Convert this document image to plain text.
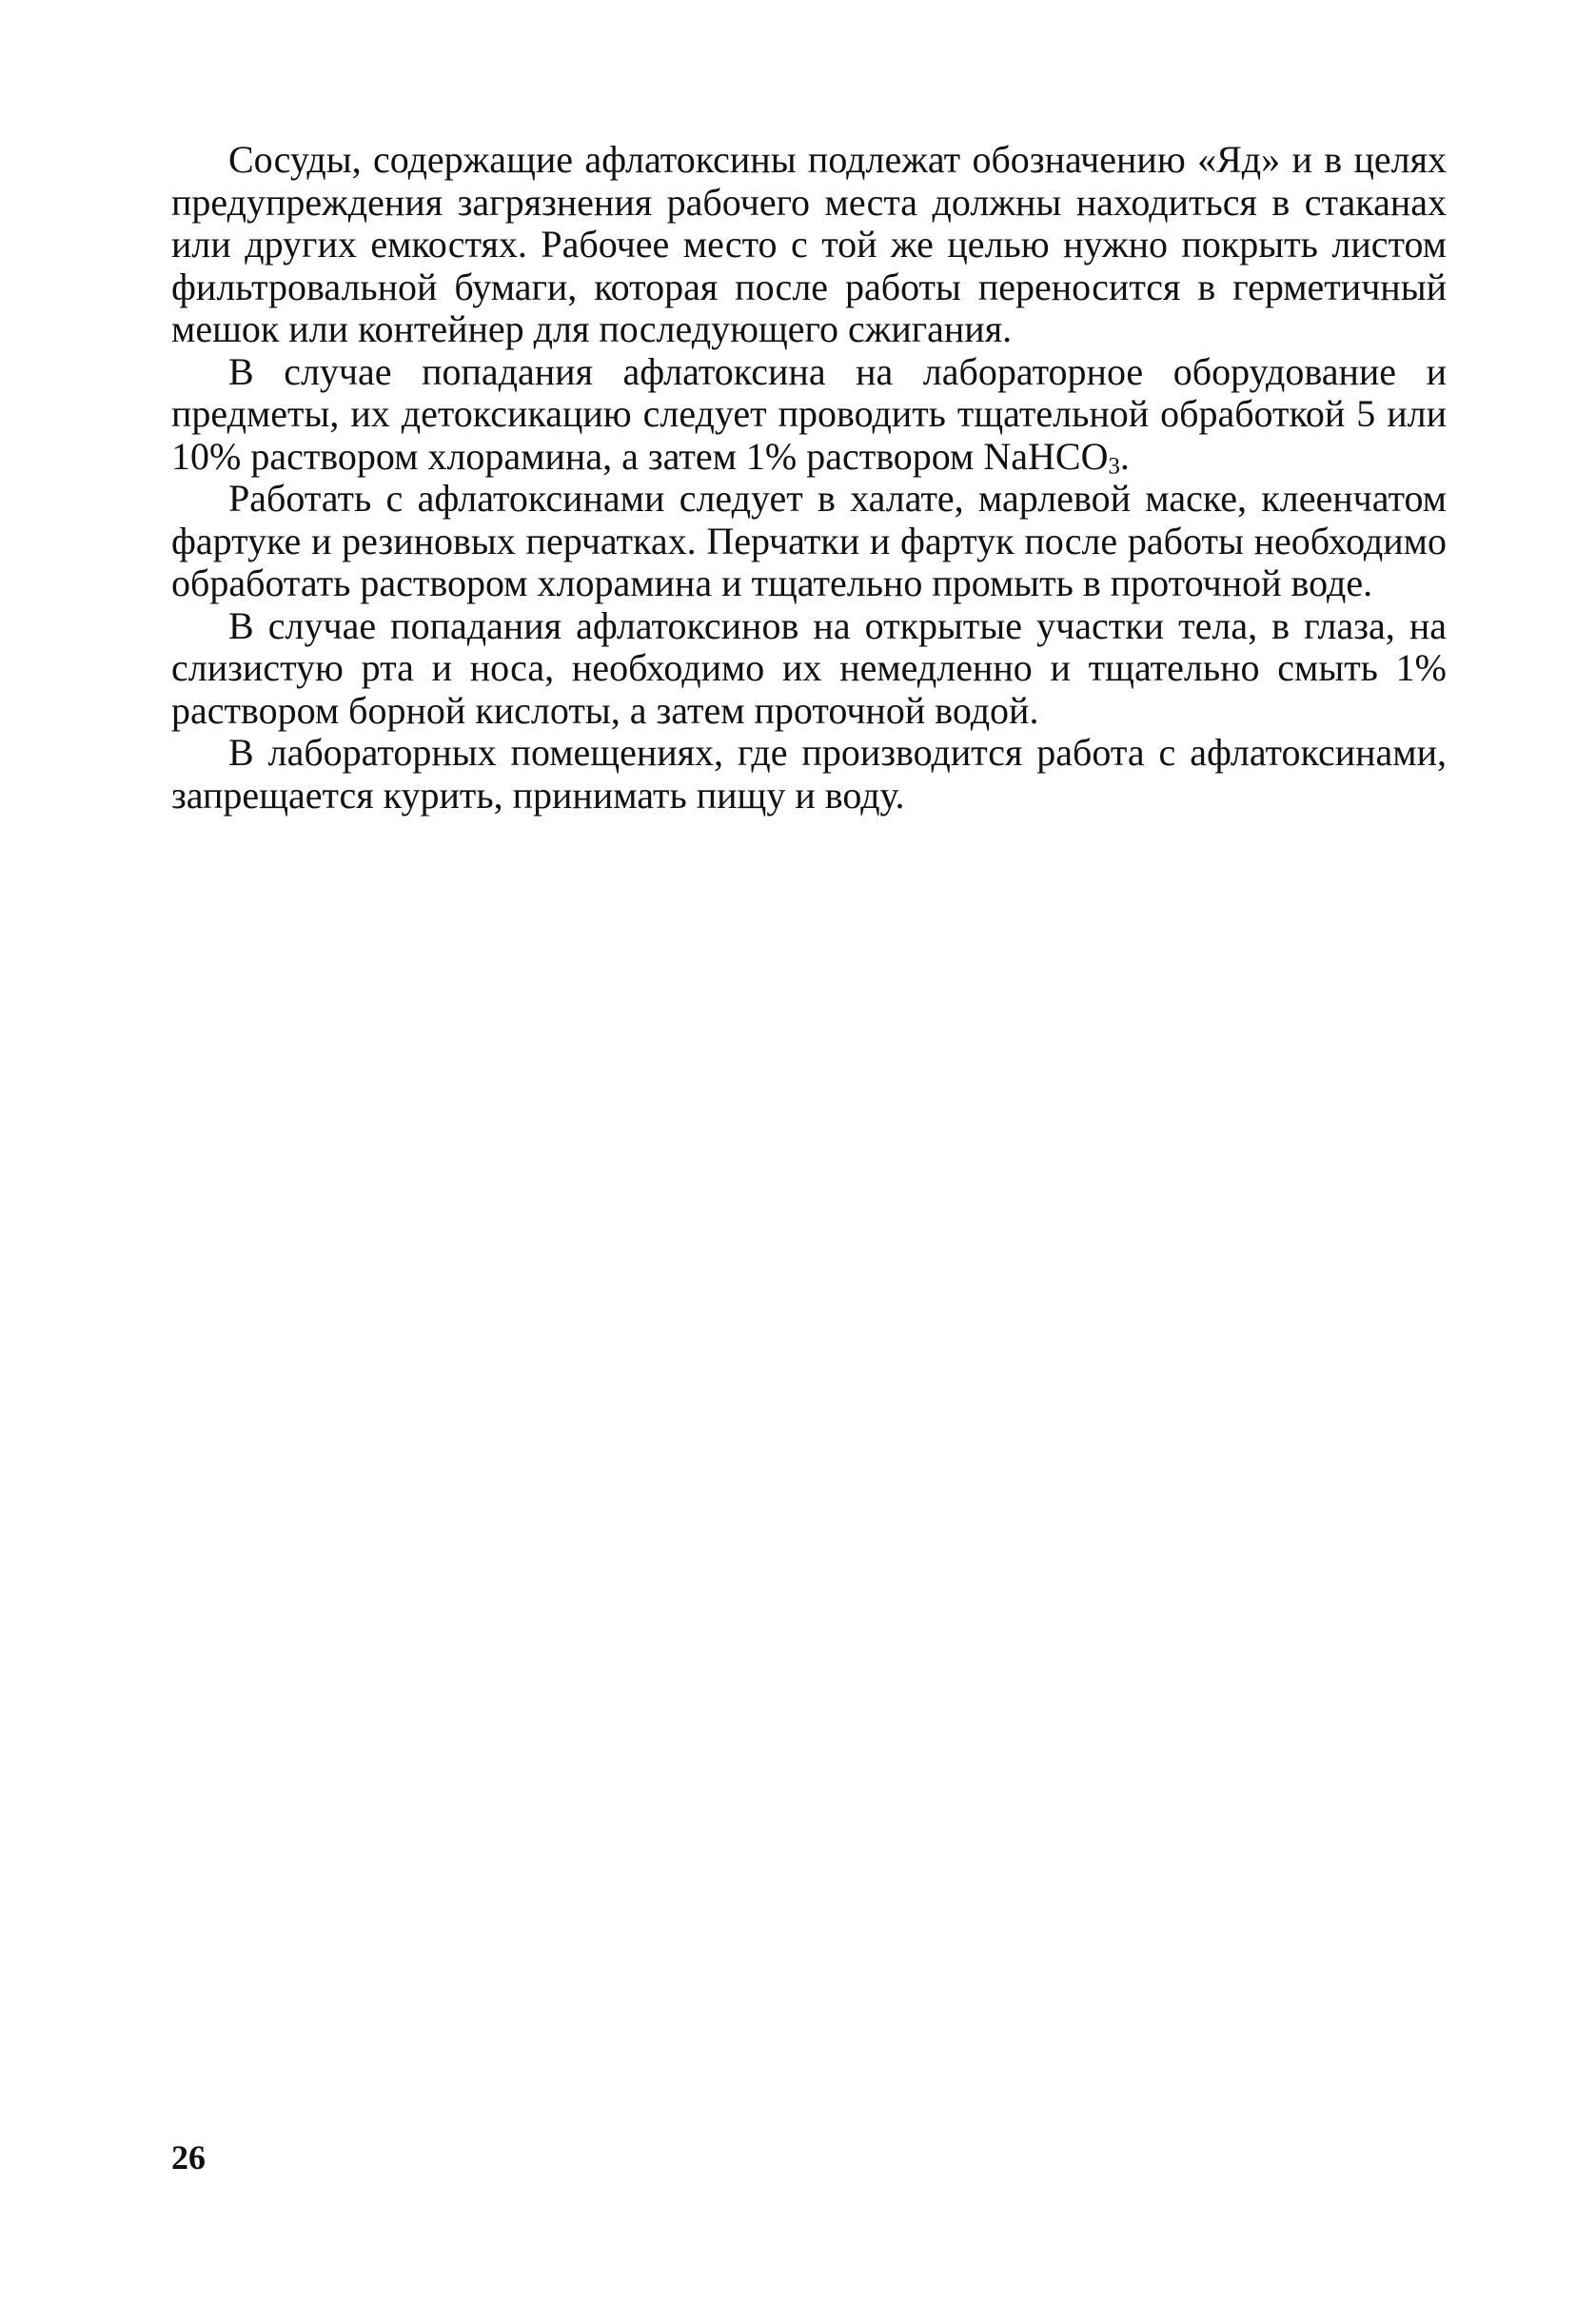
Сосуды, содержащие афлатоксины подлежат обозначению «Яд» и в целях предупреждения загрязнения рабочего места должны находиться в стаканах или других емкостях. Рабочее место с той же целью нужно покрыть листом фильтровальной бумаги, которая после работы переносится в герметичный мешок или контейнер для последующего сжигания.

В случае попадания афлатоксина на лабораторное оборудование и предметы, их детоксикацию следует проводить тщательной обработкой 5 или 10% раствором хлорамина, а затем 1% раствором NaHCO3.

Работать с афлатоксинами следует в халате, марлевой маске, клеенчатом фартуке и резиновых перчатках. Перчатки и фартук после работы необходимо обработать раствором хлорамина и тщательно промыть в проточной воде.

В случае попадания афлатоксинов на открытые участки тела, в глаза, на слизистую рта и носа, необходимо их немедленно и тщательно смыть 1% раствором борной кислоты, а затем проточной водой.

В лабораторных помещениях, где производится работа с афлатоксинами, запрещается курить, принимать пищу и воду.

26
